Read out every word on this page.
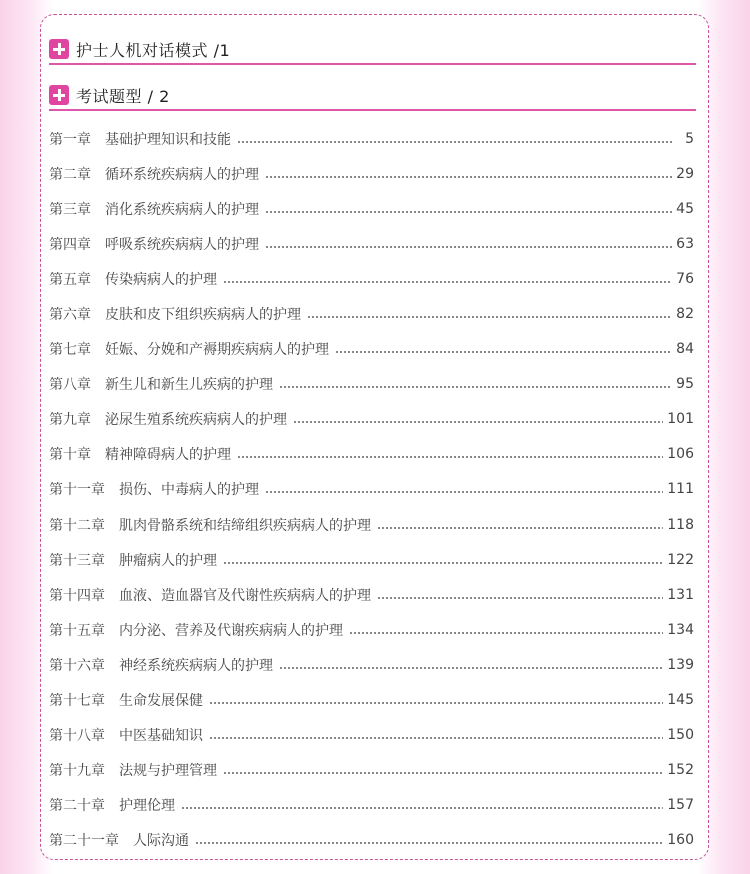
护士人机对话模式 /1
考试题型 / 2
第一章 基础护理知识和技能	5
第二章 循环系统疾病病人的护理	29
第三章 消化系统疾病病人的护理	45
第四章 呼吸系统疾病病人的护理	63
第五章 传染病病人的护理	76
第六章 皮肤和皮下组织疾病病人的护理	82
第七章 妊娠、分娩和产褥期疾病病人的护理	84
第八章 新生儿和新生儿疾病的护理	95
第九章 泌尿生殖系统疾病病人的护理	101
第十章 精神障碍病人的护理	106
第十一章 损伤、中毒病人的护理	111
第十二章 肌肉骨骼系统和结缔组织疾病病人的护理	118
第十三章 肿瘤病人的护理	122
第十四章 血液、造血器官及代谢性疾病病人的护理	131
第十五章 内分泌、营养及代谢疾病病人的护理	134
第十六章 神经系统疾病病人的护理	139
第十七章 生命发展保健	145
第十八章 中医基础知识	150
第十九章 法规与护理管理	152
第二十章 护理伦理	157
第二十一章 人际沟通	160
